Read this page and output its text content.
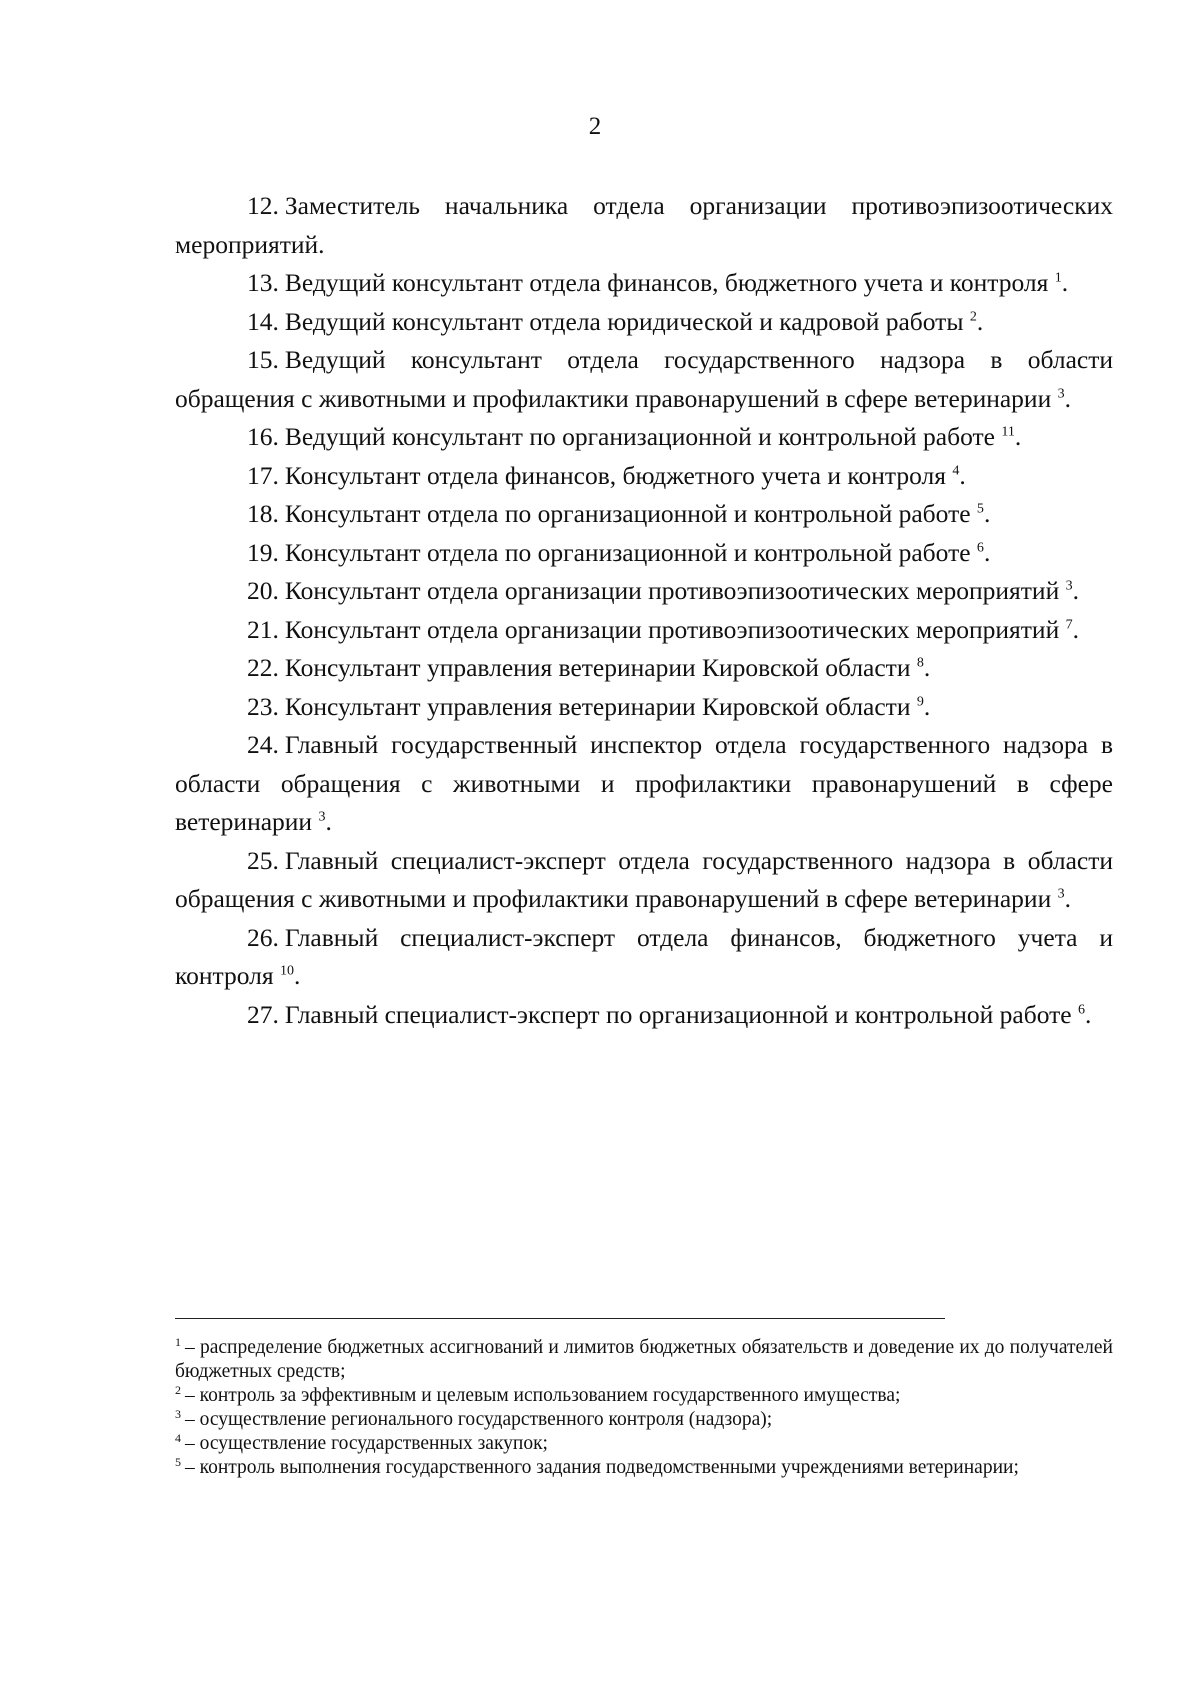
2

12. Заместитель начальника отдела организации противоэпизоотических мероприятий.

13. Ведущий консультант отдела финансов, бюджетного учета и контроля $^1$.

14. Ведущий консультант отдела юридической и кадровой работы $^2$.

15. Ведущий консультант отдела государственного надзора в области обращения с животными и профилактики правонарушений в сфере ветеринарии $^3$.

16. Ведущий консультант по организационной и контрольной работе $^{11}$.

17. Консультант отдела финансов, бюджетного учета и контроля $^4$.

18. Консультант отдела по организационной и контрольной работе $^5$.

19. Консультант отдела по организационной и контрольной работе $^6$.

20. Консультант отдела организации противоэпизоотических мероприятий $^3$.

21. Консультант отдела организации противоэпизоотических мероприятий $^7$.

22. Консультант управления ветеринарии Кировской области $^8$.

23. Консультант управления ветеринарии Кировской области $^9$.

24. Главный государственный инспектор отдела государственного надзора в области обращения с животными и профилактики правонарушений в сфере ветеринарии $^3$.

25. Главный специалист-эксперт отдела государственного надзора в области обращения с животными и профилактики правонарушений в сфере ветеринарии $^3$.

26. Главный специалист-эксперт отдела финансов, бюджетного учета и контроля $^{10}$.

27. Главный специалист-эксперт по организационной и контрольной работе $^6$.

$^1$ – распределение бюджетных ассигнований и лимитов бюджетных обязательств и доведение их до получателей бюджетных средств;

$^2$ – контроль за эффективным и целевым использованием государственного имущества;

$^3$ – осуществление регионального государственного контроля (надзора);

$^4$ – осуществление государственных закупок;

$^5$ – контроль выполнения государственного задания подведомственными учреждениями ветеринарии;
